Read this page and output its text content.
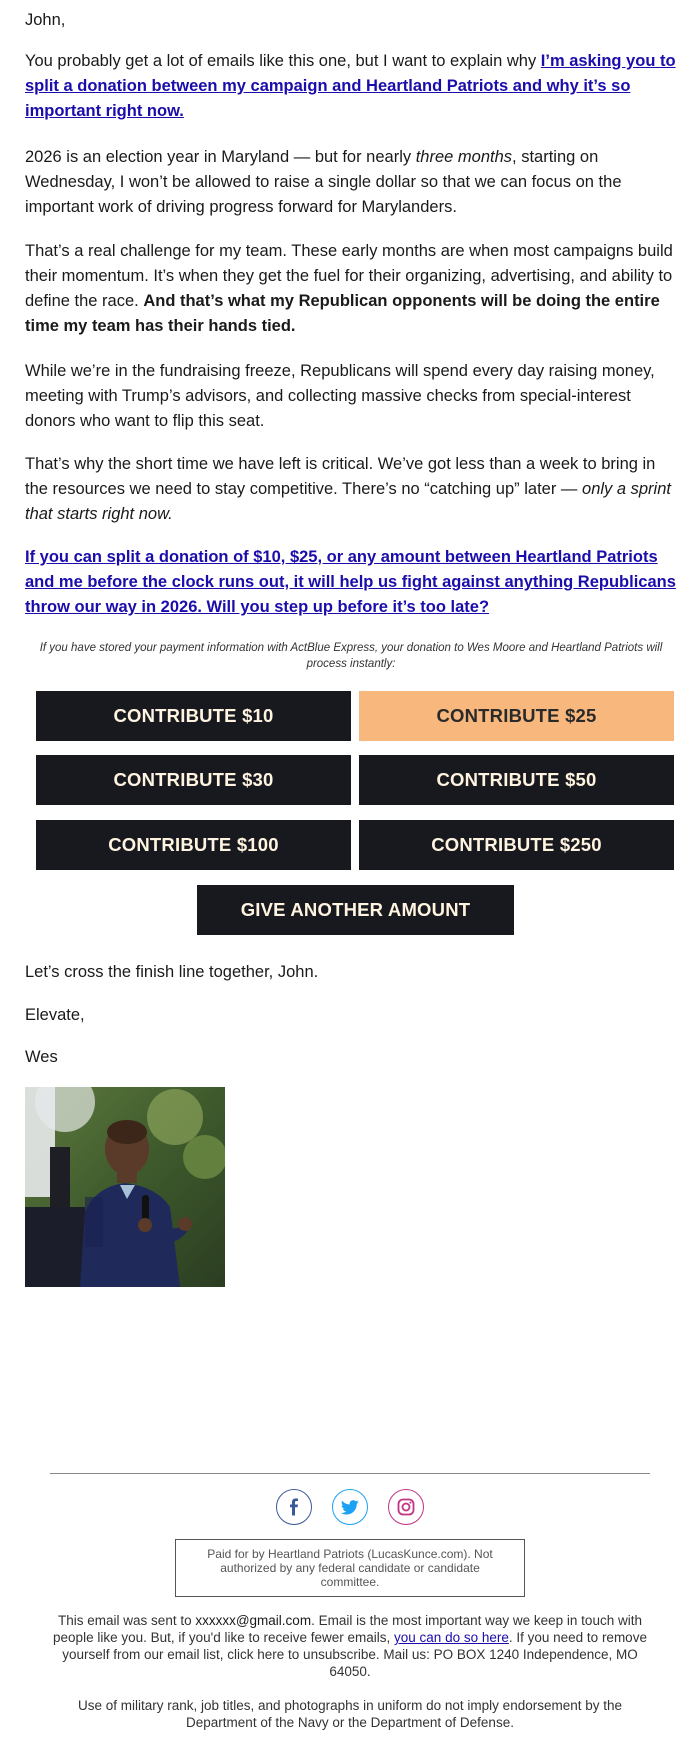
John,

You probably get a lot of emails like this one, but I want to explain why I’m asking you to split a donation between my campaign and Heartland Patriots and why it’s so important right now.

2026 is an election year in Maryland — but for nearly three months, starting on Wednesday, I won’t be allowed to raise a single dollar so that we can focus on the important work of driving progress forward for Marylanders.

That’s a real challenge for my team. These early months are when most campaigns build their momentum. It’s when they get the fuel for their organizing, advertising, and ability to define the race. And that’s what my Republican opponents will be doing the entire time my team has their hands tied.

While we’re in the fundraising freeze, Republicans will spend every day raising money, meeting with Trump’s advisors, and collecting massive checks from special-interest donors who want to flip this seat.

That’s why the short time we have left is critical. We’ve got less than a week to bring in the resources we need to stay competitive. There’s no “catching up” later — only a sprint that starts right now.

If you can split a donation of $10, $25, or any amount between Heartland Patriots and me before the clock runs out, it will help us fight against anything Republicans throw our way in 2026. Will you step up before it’s too late?

If you have stored your payment information with ActBlue Express, your donation to Wes Moore and Heartland Patriots will process instantly:
CONTRIBUTE $10	CONTRIBUTE $25
CONTRIBUTE $30	CONTRIBUTE $50
CONTRIBUTE $100	CONTRIBUTE $250
GIVE ANOTHER AMOUNT

Let’s cross the finish line together, John.

Elevate,

Wes

Paid for by Heartland Patriots (LucasKunce.com). Not authorized by any federal candidate or candidate committee.
This email was sent to xxxxxx@gmail.com. Email is the most important way we keep in touch with people like you. But, if you'd like to receive fewer emails, you can do so here. If you need to remove yourself from our email list, click here to unsubscribe. Mail us: PO BOX 1240 Independence, MO 64050.
Use of military rank, job titles, and photographs in uniform do not imply endorsement by the Department of the Navy or the Department of Defense.
